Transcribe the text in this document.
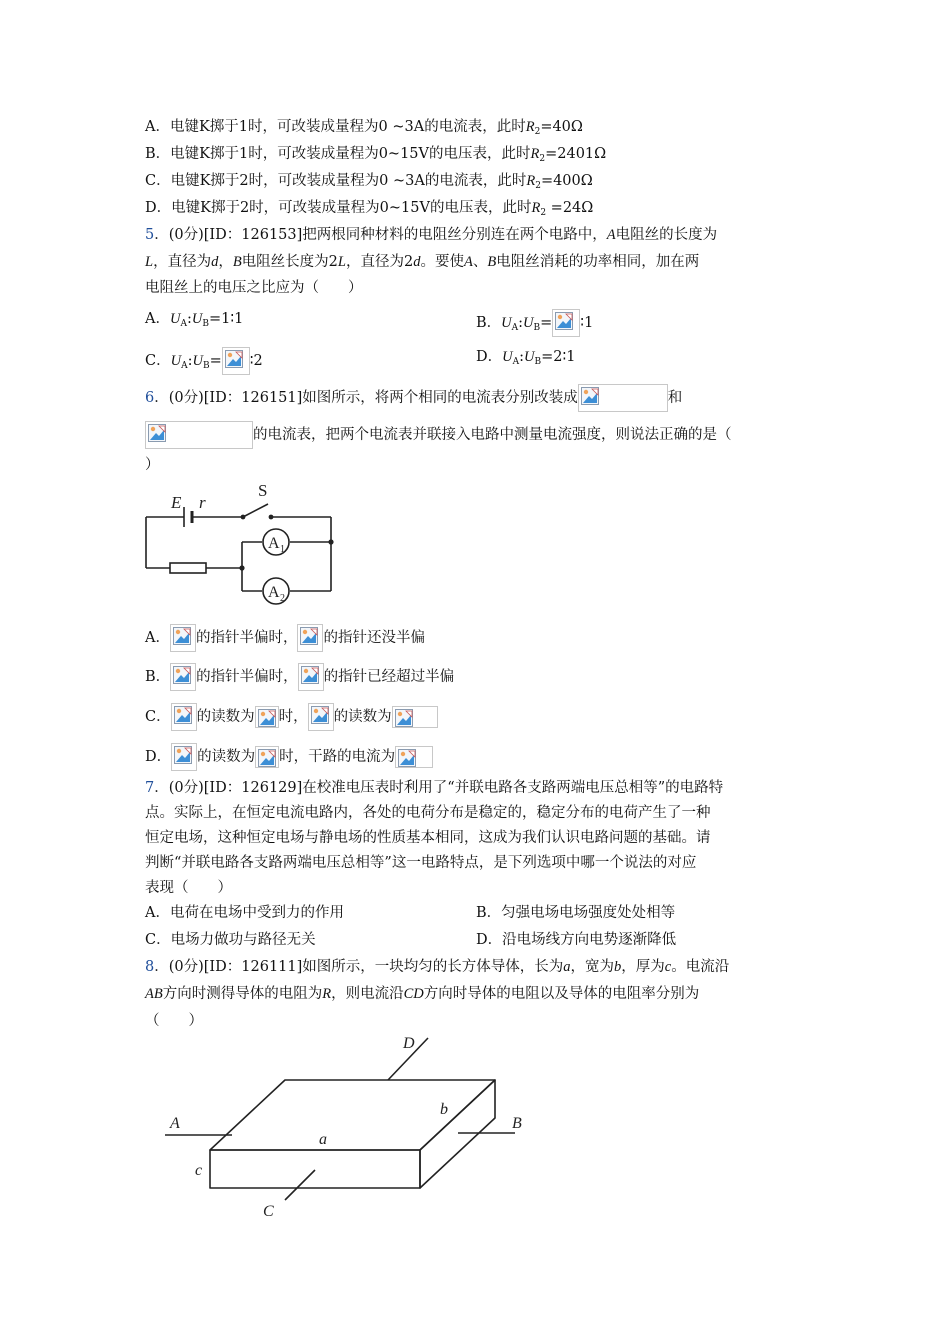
A．电键K掷于1时，可改装成量程为0 ~3A的电流表，此时$R_2=40\Omega$
B．电键K掷于1时，可改装成量程为0~15V的电压表，此时$R_2=2401\Omega$
C．电键K掷于2时，可改装成量程为0 ~3A的电流表，此时$R_2=400\Omega$
D．电键K掷于2时，可改装成量程为0~15V的电压表，此时$R_2 =24\Omega$
5．(0分)[ID：126153]把两根同种材料的电阻丝分别连在两个电路中，A电阻丝的长度为
L，直径为d，B电阻丝长度为2L，直径为2d。要使A、B电阻丝消耗的功率相同，加在两
电阻丝上的电压之比应为（　　）
A．$U_A:U_B=1∶1$	B．$U_A:U_B=$ ∶1
C．$U_A:U_B=$ ∶2	D．$U_A:U_B=2∶1$
6．(0分)[ID：126151]如图所示，将两个相同的电流表分别改装成	和
的电流表，把两个电流表并联接入电路中测量电流强度，则说法正确的是（
）
E r
S
A 1
A 2
A． 的指针半偏时， 的指针还没半偏
B． 的指针半偏时， 的指针已经超过半偏
C． 的读数为 时， 的读数为
D． 的读数为 时，干路的电流为
7．(0分)[ID：126129]在校准电压表时利用了“并联电路各支路两端电压总相等”的电路特
点。实际上，在恒定电流电路内，各处的电荷分布是稳定的，稳定分布的电荷产生了一种
恒定电场，这种恒定电场与静电场的性质基本相同，这成为我们认识电路问题的基础。请
判断“并联电路各支路两端电压总相等”这一电路特点，是下列选项中哪一个说法的对应
表现（　　）
A．电荷在电场中受到力的作用	B．匀强电场电场强度处处相等
C．电场力做功与路径无关	D．沿电场线方向电势逐渐降低
8．(0分)[ID：126111]如图所示，一块均匀的长方体导体，长为a，宽为b，厚为c。电流沿
AB方向时测得导体的电阻为R，则电流沿CD方向时导体的电阻以及导体的电阻率分别为
（　　）
A	B
C
D
a
b
c
